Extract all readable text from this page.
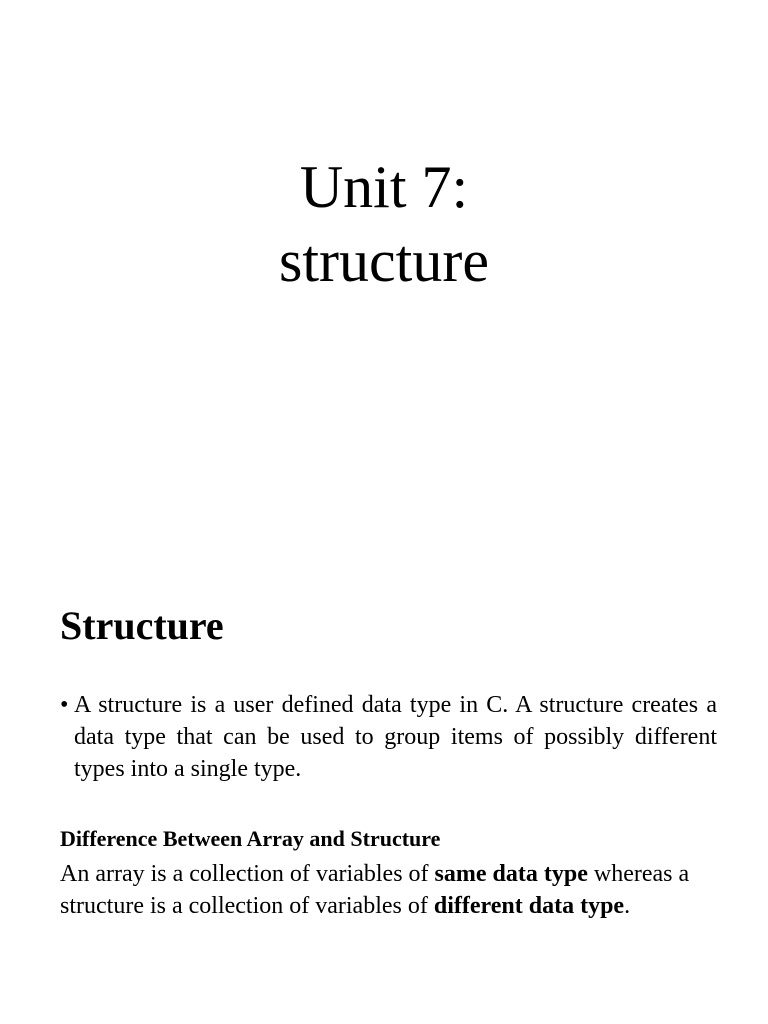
Unit 7:
structure
Structure
• A structure is a user defined data type in C. A structure creates a data type that can be used to group items of possibly different types into a single type.

Difference Between Array and Structure

An array is a collection of variables of same data type whereas a structure is a collection of variables of different data type.
